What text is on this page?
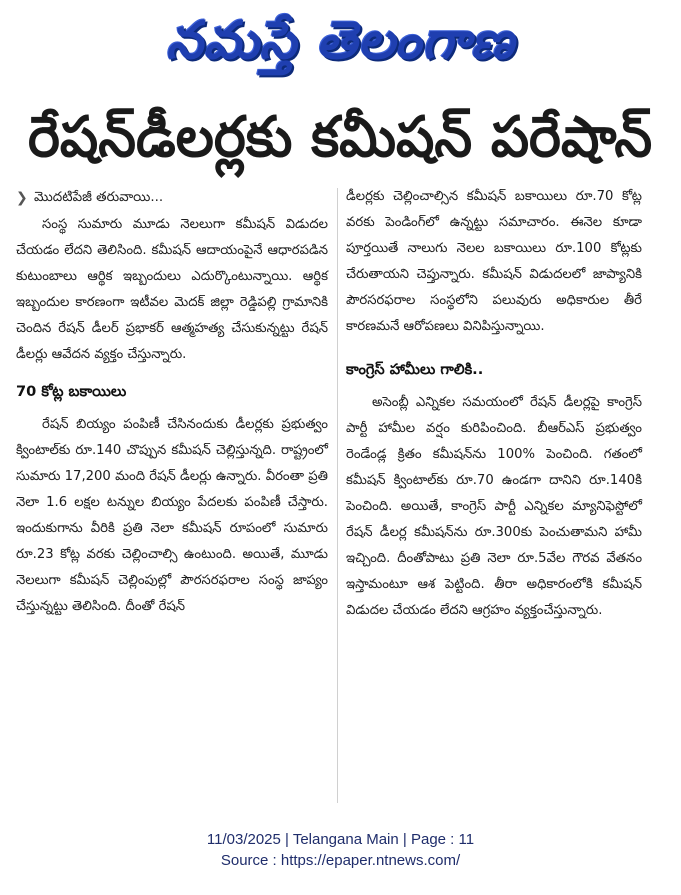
నమస్తే తెలంగాణ
రేషన్‌డీలర్లకు కమీషన్‌ పరేషాన్‌
❯ మొదటిపేజీ తరువాయి...

సంస్థ సుమారు మూడు నెలలుగా కమీషన్‌ విడుదల చేయడం లేదని తెలిసింది. కమీషన్‌ ఆదాయంపైనే ఆధారపడిన కుటుంబాలు ఆర్థిక ఇబ్బందులు ఎదుర్కొంటున్నాయి. ఆర్థిక ఇబ్బందుల కారణంగా ఇటీవల మెదక్‌ జిల్లా రెడ్డిపల్లి గ్రామానికి చెందిన రేషన్‌ డీలర్‌ ప్రభాకర్‌ ఆత్మహత్య చేసుకున్నట్టు రేషన్‌ డీలర్లు ఆవేదన వ్యక్తం చేస్తున్నారు.

70 కోట్ల బకాయిలు

రేషన్‌ బియ్యం పంపిణీ చేసినందుకు డీలర్లకు ప్రభుత్వం క్వింటాల్‌కు రూ.140 చొప్పున కమీషన్‌ చెల్లిస్తున్నది. రాష్ట్రంలో సుమారు 17,200 మంది రేషన్‌ డీలర్లు ఉన్నారు. వీరంతా ప్రతి నెలా 1.6 లక్షల టన్నుల బియ్యం పేదలకు పంపిణీ చేస్తారు. ఇందుకుగాను వీరికి ప్రతి నెలా కమీషన్‌ రూపంలో సుమారు రూ.23 కోట్ల వరకు చెల్లించాల్సి ఉంటుంది. అయితే, మూడు నెలలుగా కమీషన్‌ చెల్లింపుల్లో పౌరసరఫరాల సంస్థ జాప్యం చేస్తున్నట్టు తెలిసింది. దీంతో రేషన్‌

డీలర్లకు చెల్లించాల్సిన కమీషన్‌ బకాయిలు రూ.70 కోట్ల వరకు పెండింగ్‌లో ఉన్నట్టు సమాచారం. ఈనెల కూడా పూర్తయితే నాలుగు నెలల బకాయిలు రూ.100 కోట్లకు చేరుతాయని చెప్తున్నారు. కమీషన్‌ విడుదలలో జాప్యానికి పౌరసరఫరాల సంస్థలోని పలువురు అధికారుల తీరే కారణమనే ఆరోపణలు వినిపిస్తున్నాయి.

కాంగ్రెస్‌ హామీలు గాలికి..

అసెంబ్లీ ఎన్నికల సమయంలో రేషన్‌ డీలర్లపై కాంగ్రెస్‌ పార్టీ హామీల వర్షం కురిపించింది. బీఆర్‌ఎస్‌ ప్రభుత్వం రెండేండ్ల క్రితం కమీషన్‌ను 100% పెంచింది. గతంలో కమీషన్‌ క్వింటాల్‌కు రూ.70 ఉండగా దానిని రూ.140కి పెంచింది. అయితే, కాంగ్రెస్‌ పార్టీ ఎన్నికల మ్యానిఫెస్టోలో రేషన్‌ డీలర్ల కమీషన్‌ను రూ.300కు పెంచుతామని హామీ ఇచ్చింది. దీంతోపాటు ప్రతి నెలా రూ.5వేల గౌరవ వేతనం ఇస్తామంటూ ఆశ పెట్టింది. తీరా అధికారంలోకి కమీషన్‌ విడుదల చేయడం లేదని ఆగ్రహం వ్యక్తంచేస్తున్నారు.

11/03/2025 | Telangana Main | Page : 11
Source : https://epaper.ntnews.com/
